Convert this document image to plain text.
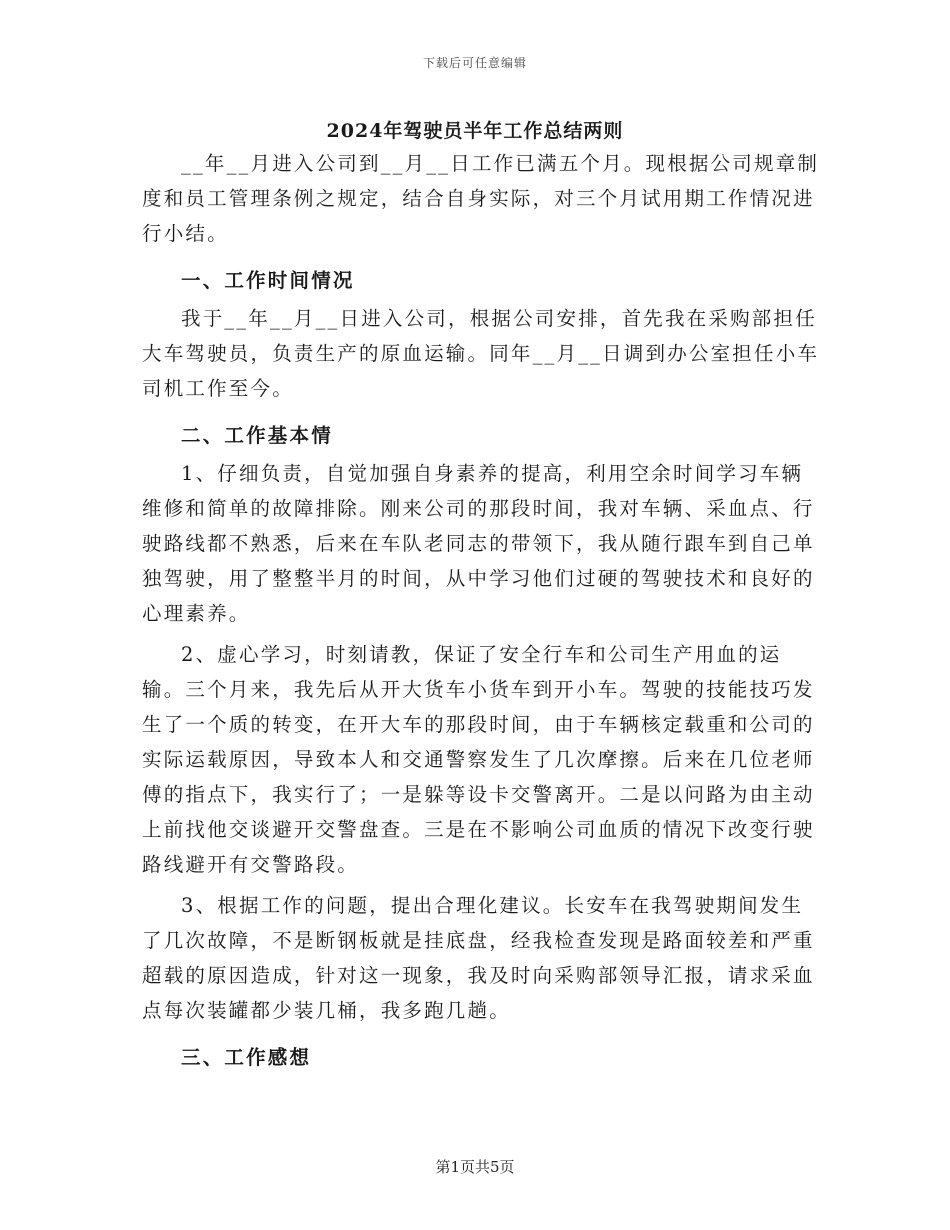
下载后可任意编辑
2024年驾驶员半年工作总结两则

__年__月进入公司到__月__日工作已满五个月。现根据公司规章制度和员工管理条例之规定，结合自身实际，对三个月试用期工作情况进行小结。

一、工作时间情况

我于__年__月__日进入公司，根据公司安排，首先我在采购部担任大车驾驶员，负责生产的原血运输。同年__月__日调到办公室担任小车司机工作至今。

二、工作基本情

1、仔细负责，自觉加强自身素养的提高，利用空余时间学习车辆维修和简单的故障排除。刚来公司的那段时间，我对车辆、采血点、行驶路线都不熟悉，后来在车队老同志的带领下，我从随行跟车到自己单独驾驶，用了整整半月的时间，从中学习他们过硬的驾驶技术和良好的心理素养。

2、虚心学习，时刻请教，保证了安全行车和公司生产用血的运输。三个月来，我先后从开大货车小货车到开小车。驾驶的技能技巧发生了一个质的转变，在开大车的那段时间，由于车辆核定载重和公司的实际运载原因，导致本人和交通警察发生了几次摩擦。后来在几位老师傅的指点下，我实行了；一是躲等设卡交警离开。二是以问路为由主动上前找他交谈避开交警盘查。三是在不影响公司血质的情况下改变行驶路线避开有交警路段。

3、根据工作的问题，提出合理化建议。长安车在我驾驶期间发生了几次故障，不是断钢板就是挂底盘，经我检查发现是路面较差和严重超载的原因造成，针对这一现象，我及时向采购部领导汇报，请求采血点每次装罐都少装几桶，我多跑几趟。

三、工作感想

第1页共5页
